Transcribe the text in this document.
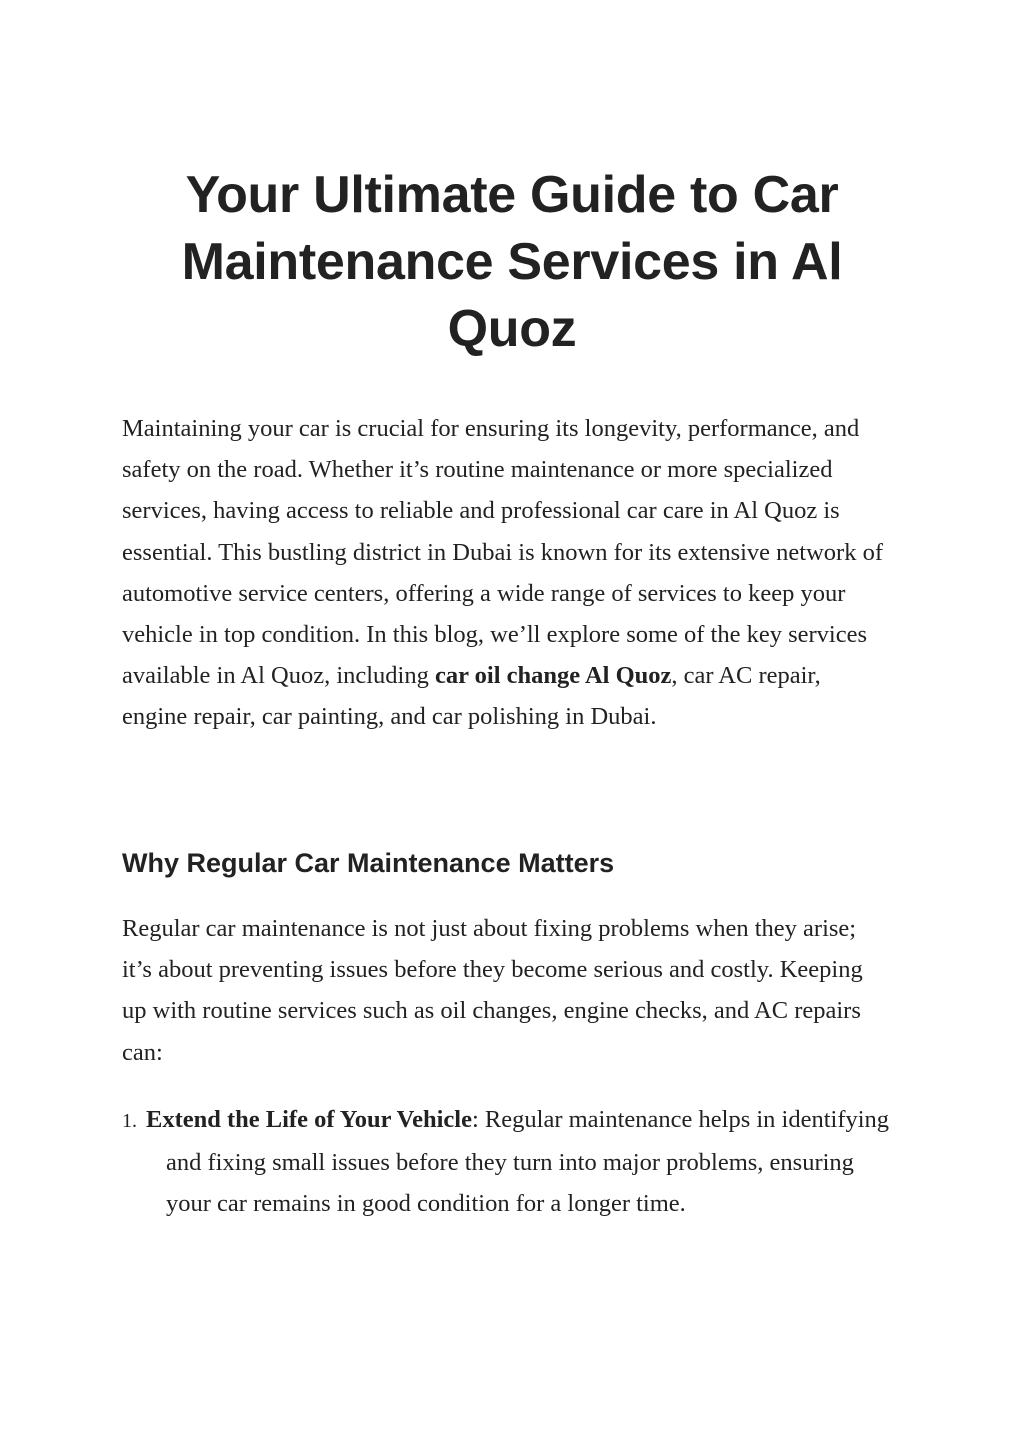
Your Ultimate Guide to Car Maintenance Services in Al Quoz

Maintaining your car is crucial for ensuring its longevity, performance, and safety on the road. Whether it’s routine maintenance or more specialized services, having access to reliable and professional car care in Al Quoz is essential. This bustling district in Dubai is known for its extensive network of automotive service centers, offering a wide range of services to keep your vehicle in top condition. In this blog, we’ll explore some of the key services available in Al Quoz, including car oil change Al Quoz, car AC repair, engine repair, car painting, and car polishing in Dubai.

Why Regular Car Maintenance Matters

Regular car maintenance is not just about fixing problems when they arise; it’s about preventing issues before they become serious and costly. Keeping up with routine services such as oil changes, engine checks, and AC repairs can:

1. Extend the Life of Your Vehicle: Regular maintenance helps in identifying and fixing small issues before they turn into major problems, ensuring your car remains in good condition for a longer time.
